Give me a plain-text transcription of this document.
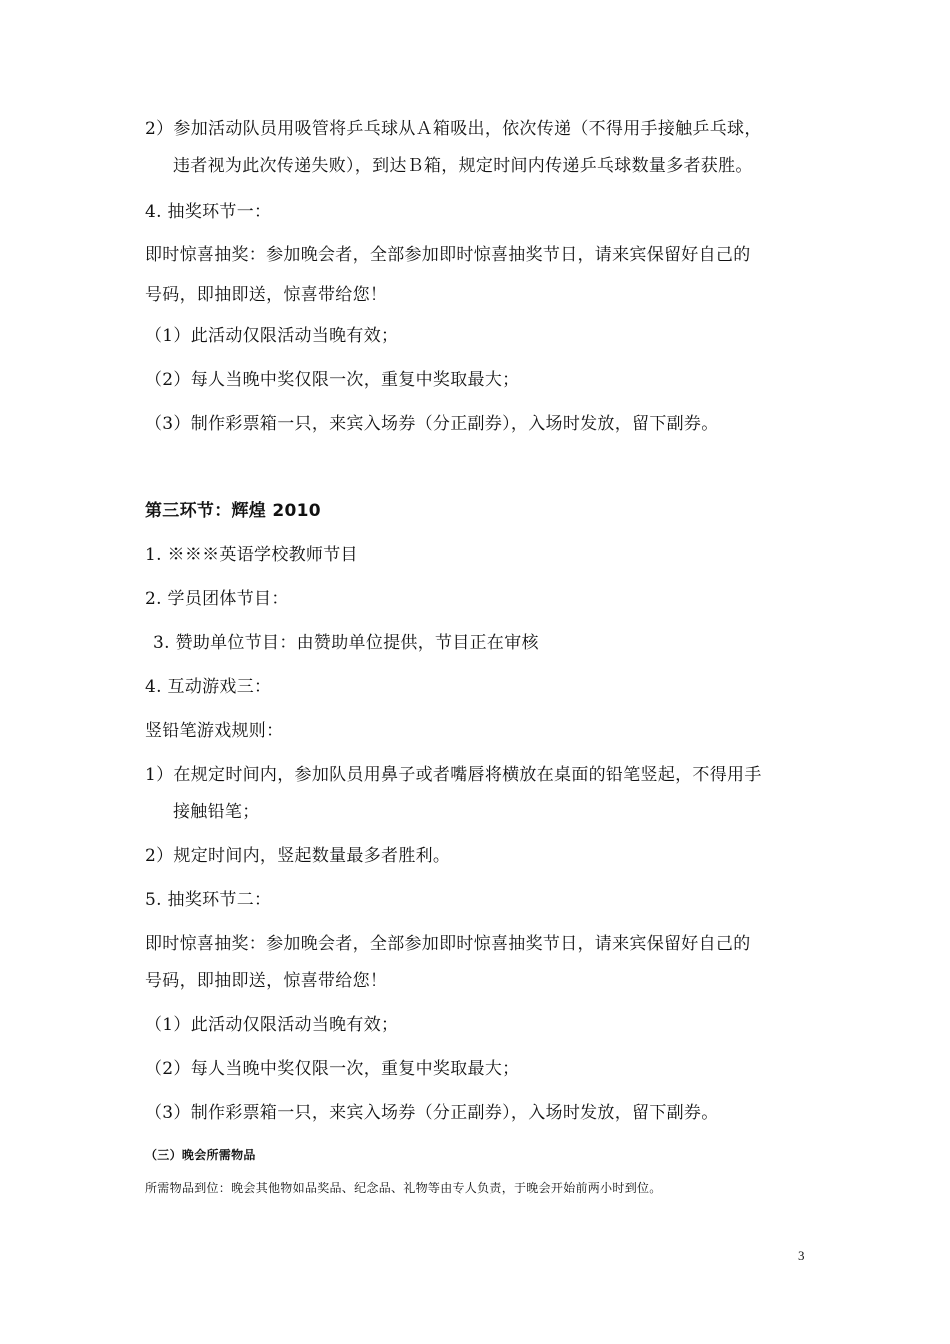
2）参加活动队员用吸管将乒乓球从Ａ箱吸出，依次传递（不得用手接触乒乓球，
违者视为此次传递失败），到达Ｂ箱，规定时间内传递乒乓球数量多者获胜。
4. 抽奖环节一：
即时惊喜抽奖：参加晚会者，全部参加即时惊喜抽奖节日，请来宾保留好自己的
号码，即抽即送，惊喜带给您！
（1）此活动仅限活动当晚有效；
（2）每人当晚中奖仅限一次，重复中奖取最大；
（3）制作彩票箱一只，来宾入场券（分正副券），入场时发放，留下副券。
第三环节：辉煌 2010
1. ※※※英语学校教师节目
2. 学员团体节目：
3. 赞助单位节目：由赞助单位提供，节目正在审核
4. 互动游戏三：
竖铅笔游戏规则：
1）在规定时间内，参加队员用鼻子或者嘴唇将横放在桌面的铅笔竖起，不得用手
接触铅笔；
2）规定时间内，竖起数量最多者胜利。
5. 抽奖环节二：
即时惊喜抽奖：参加晚会者，全部参加即时惊喜抽奖节日，请来宾保留好自己的
号码，即抽即送，惊喜带给您！
（1）此活动仅限活动当晚有效；
（2）每人当晚中奖仅限一次，重复中奖取最大；
（3）制作彩票箱一只，来宾入场券（分正副券），入场时发放，留下副券。
（三）晚会所需物品
所需物品到位：晚会其他物如品奖品、纪念品、礼物等由专人负责，于晚会开始前两小时到位。
3
